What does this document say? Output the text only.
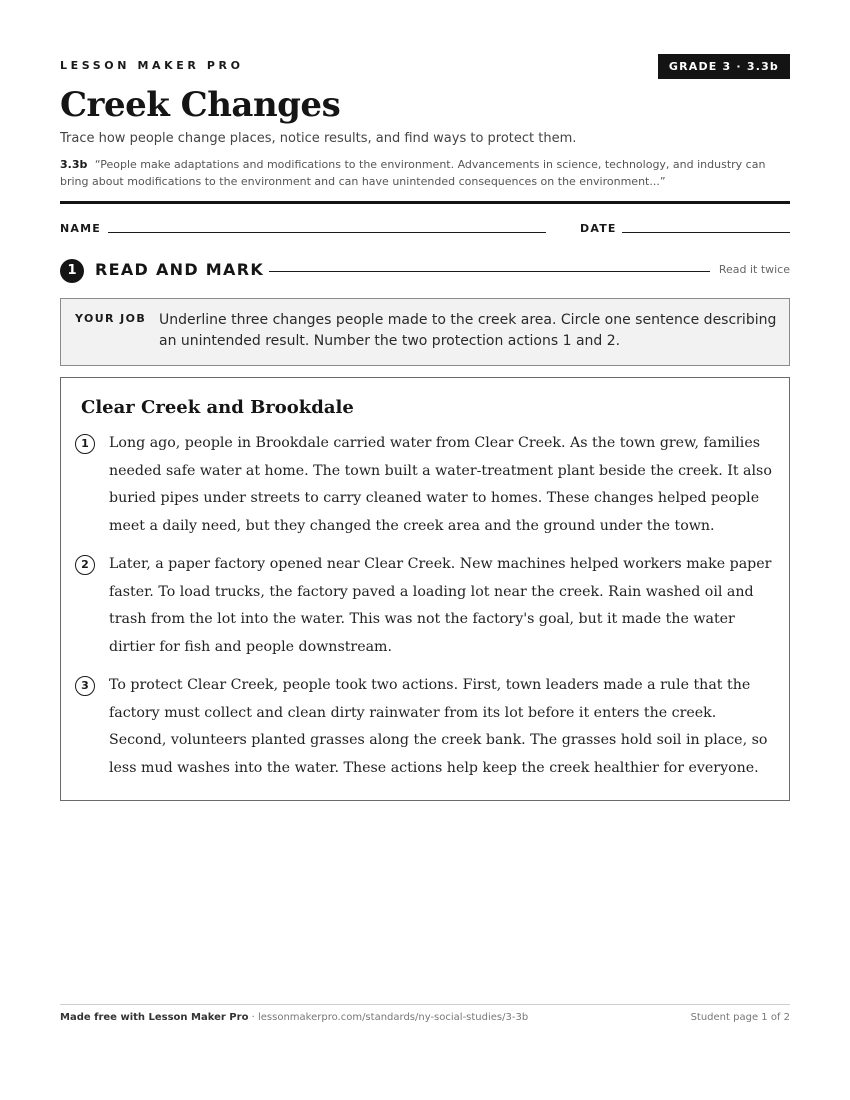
LESSON MAKER PRO	GRADE 3 · 3.3b
Creek Changes
Trace how people change places, notice results, and find ways to protect them.
3.3b “People make adaptations and modifications to the environment. Advancements in science, technology, and industry can bring about modifications to the environment and can have unintended consequences on the environment...”
NAME	DATE
1	READ AND MARK	Read it twice
YOUR JOB Underline three changes people made to the creek area. Circle one sentence describing an unintended result. Number the two protection actions 1 and 2.
Clear Creek and Brookdale
1	Long ago, people in Brookdale carried water from Clear Creek. As the town grew, families needed safe water at home. The town built a water-treatment plant beside the creek. It also buried pipes under streets to carry cleaned water to homes. These changes helped people meet a daily need, but they changed the creek area and the ground under the town.
2	Later, a paper factory opened near Clear Creek. New machines helped workers make paper faster. To load trucks, the factory paved a loading lot near the creek. Rain washed oil and trash from the lot into the water. This was not the factory's goal, but it made the water dirtier for fish and people downstream.
3	To protect Clear Creek, people took two actions. First, town leaders made a rule that the factory must collect and clean dirty rainwater from its lot before it enters the creek. Second, volunteers planted grasses along the creek bank. The grasses hold soil in place, so less mud washes into the water. These actions help keep the creek healthier for everyone.
Made free with Lesson Maker Pro · lessonmakerpro.com/standards/ny-social-studies/3-3b	Student page 1 of 2
